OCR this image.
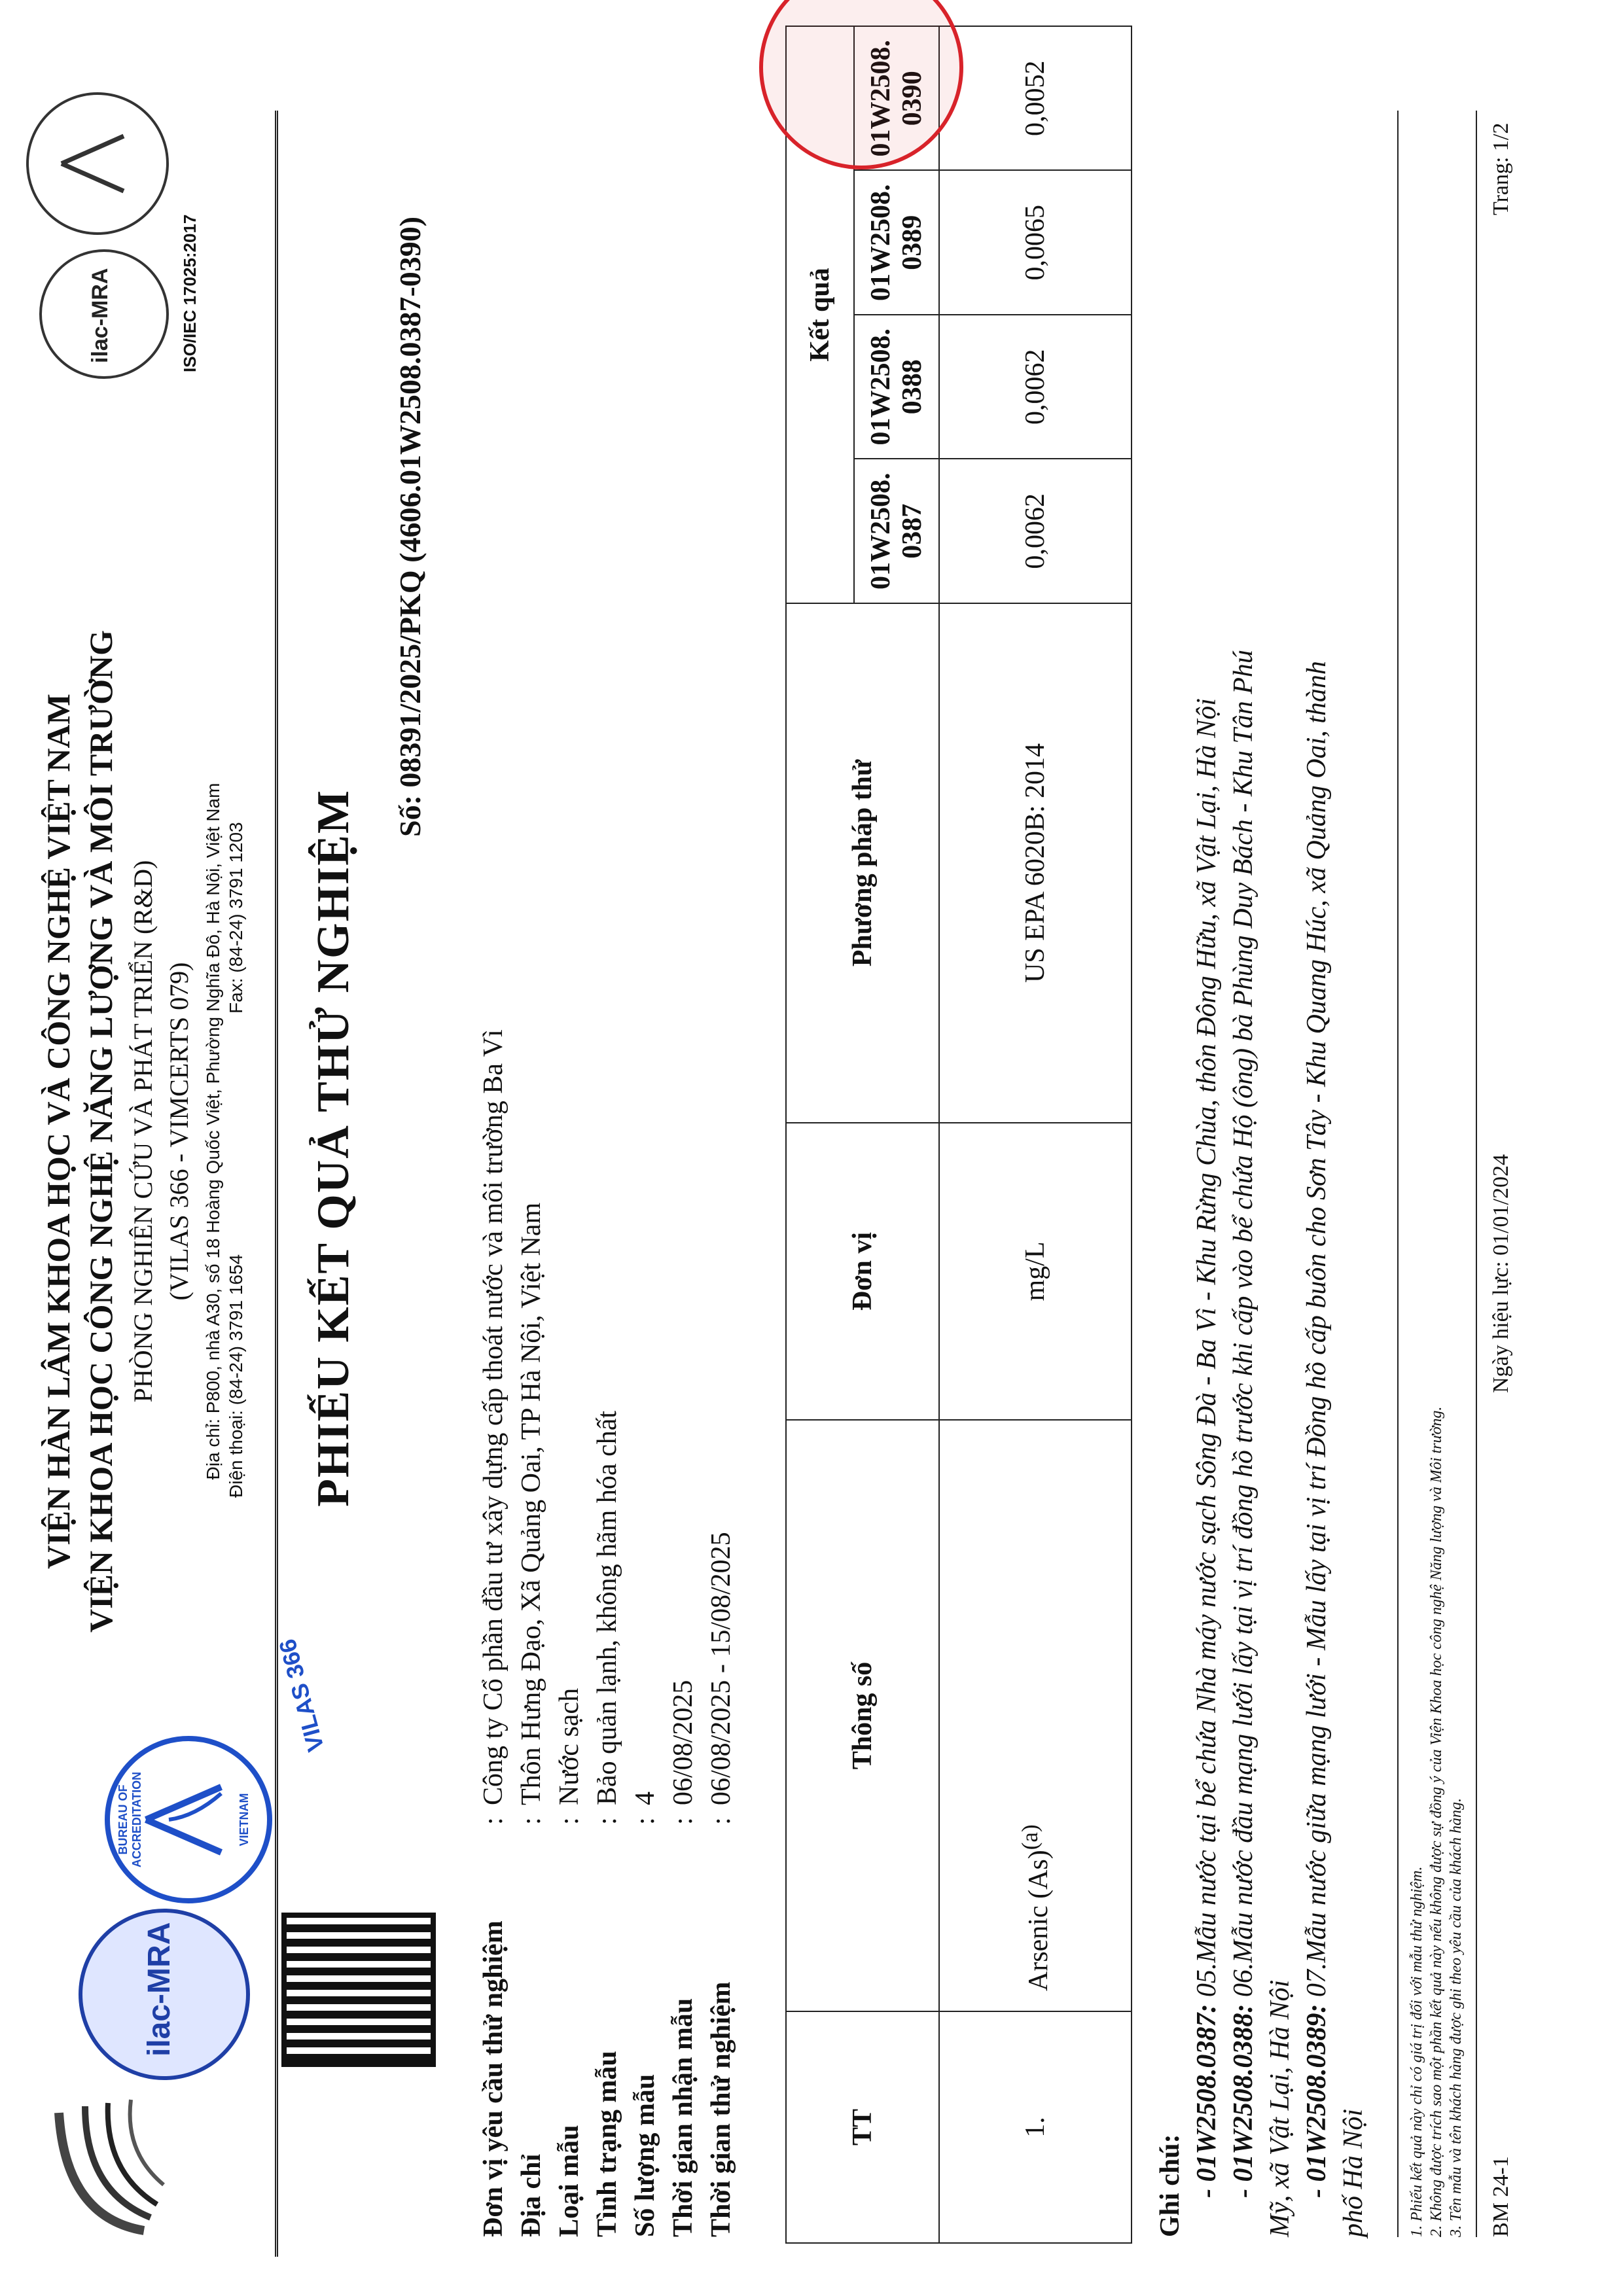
ilac-MRA
BUREAU OF ACCREDITATION	VIETNAM
VILAS 366
VIỆN HÀN LÂM KHOA HỌC VÀ CÔNG NGHỆ VIỆT NAM VIỆN KHOA HỌC CÔNG NGHỆ NĂNG LƯỢNG VÀ MÔI TRƯỜNG PHÒNG NGHIÊN CỨU VÀ PHÁT TRIỂN (R&D) (VILAS 366 - VIMCERTS 079) Địa chỉ: P800, nhà A30, số 18 Hoàng Quốc Việt, Phường Nghĩa Đô, Hà Nội, Việt Nam Điện thoại: (84-24) 3791 1654
Fax: (84-24) 3791 1203
ilac-MRA	ISO/IEC 17025:2017
PHIẾU KẾT QUẢ THỬ NGHIỆM
Số: 08391/2025/PKQ (4606.01W2508.0387-0390)
Đơn vị yêu cầu thử nghiệm
:
Công ty Cổ phần đầu tư xây dựng cấp thoát nước và môi trường Ba Vì
Địa chỉ
:
Thôn Hưng Đạo, Xã Quảng Oai, TP Hà Nội, Việt Nam
Loại mẫu
:
Nước sạch
Tình trạng mẫu
:
Bảo quản lạnh, không hãm hóa chất
Số lượng mẫu
:
4
Thời gian nhận mẫu
:
06/08/2025
Thời gian thử nghiệm
:
06/08/2025 - 15/08/2025
TT	Thông số	Đơn vị	Phương pháp thử	Kết quả			
				01W2508.
0387	01W2508.
0388	01W2508.
0389	01W2508.
0390
1.	Arsenic $(As)^{(a)}$	mg/L	US EPA 6020B: 2014	0,0062	0,0062	0,0065	0,0052
Ghi chú: - 01W2508.0387: 05.Mẫu nước tại bể chứa Nhà máy nước sạch Sông Đà - Ba Vì - Khu Rừng Chùa, thôn Đông Hữu, xã Vật Lại, Hà Nội
- 01W2508.0388: 06.Mẫu nước đầu mạng lưới lấy tại vị trí đồng hồ trước khi cấp vào bể chứa Hộ (ông) bà Phùng Duy Bách - Khu Tân Phú
Mỹ, xã Vật Lại, Hà Nội - 01W2508.0389: 07.Mẫu nước giữa mạng lưới - Mẫu lấy tại vị trí Đồng hồ cấp buôn cho Sơn Tây - Khu Quang Húc, xã Quảng Oai, thành
phố Hà Nội	1. Phiếu kết quả này chỉ có giá trị đối với mẫu thử nghiệm. 2. Không được trích sao một phần kết quả này nếu không được sự đồng ý của Viện Khoa học công nghệ Năng lượng và Môi trường. 3. Tên mẫu và tên khách hàng được ghi theo yêu cầu của khách hàng. BM 24-1
Ngày hiệu lực: 01/01/2024
Trang: 1/2
